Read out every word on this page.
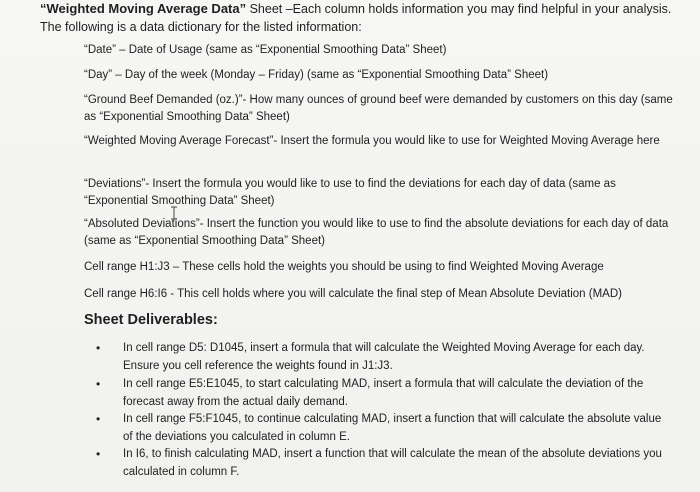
“Weighted Moving Average Data” Sheet –Each column holds information you may find helpful in your analysis. The following is a data dictionary for the listed information:
“Date” – Date of Usage (same as “Exponential Smoothing Data” Sheet)
“Day” – Day of the week (Monday – Friday) (same as “Exponential Smoothing Data” Sheet)
“Ground Beef Demanded (oz.)”- How many ounces of ground beef were demanded by customers on this day (same as “Exponential Smoothing Data” Sheet)
“Weighted Moving Average Forecast”- Insert the formula you would like to use for Weighted Moving Average here
“Deviations”- Insert the formula you would like to use to find the deviations for each day of data (same as “Exponential Smoothing Data” Sheet)
“Absoluted Deviations”- Insert the function you would like to use to find the absolute deviations for each day of data (same as “Exponential Smoothing Data” Sheet)
Cell range H1:J3 – These cells hold the weights you should be using to find Weighted Moving Average
Cell range H6:I6 - This cell holds where you will calculate the final step of Mean Absolute Deviation (MAD)
Sheet Deliverables:
• In cell range D5: D1045, insert a formula that will calculate the Weighted Moving Average for each day. Ensure you cell reference the weights found in J1:J3.
• In cell range E5:E1045, to start calculating MAD, insert a formula that will calculate the deviation of the forecast away from the actual daily demand.
• In cell range F5:F1045, to continue calculating MAD, insert a function that will calculate the absolute value of the deviations you calculated in column E.
• In I6, to finish calculating MAD, insert a function that will calculate the mean of the absolute deviations you calculated in column F.
